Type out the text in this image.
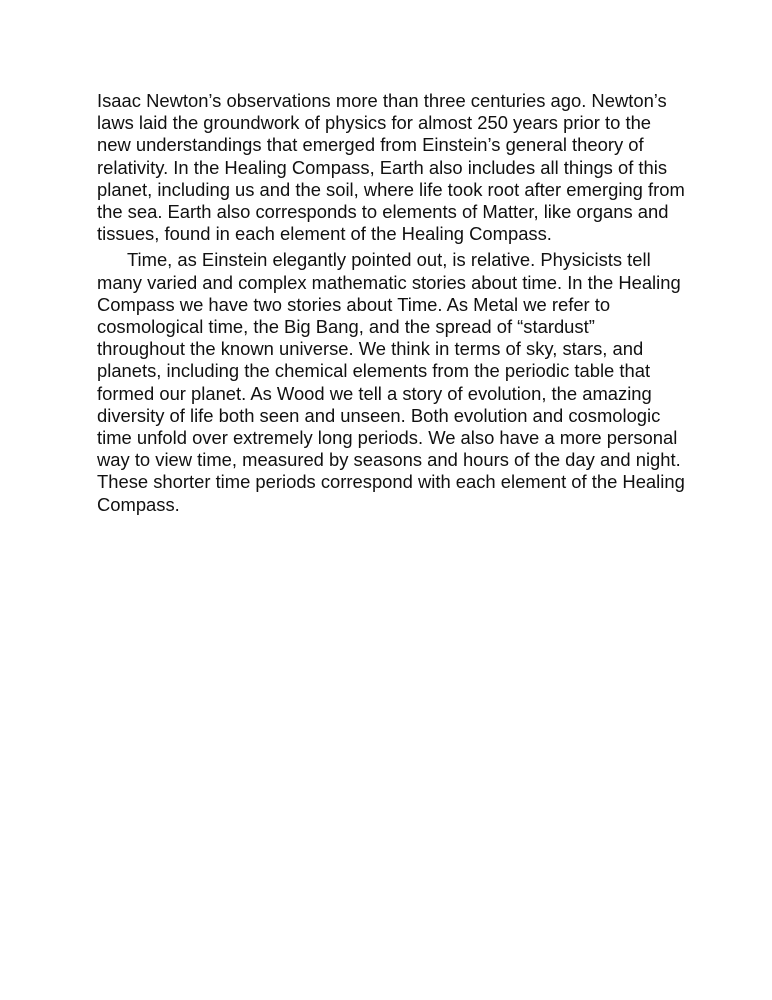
Isaac Newton’s observations more than three centuries ago. Newton’s laws laid the groundwork of physics for almost 250 years prior to the new understandings that emerged from Einstein’s general theory of relativity. In the Healing Compass, Earth also includes all things of this planet, including us and the soil, where life took root after emerging from the sea. Earth also corresponds to elements of Matter, like organs and tissues, found in each element of the Healing Compass.

Time, as Einstein elegantly pointed out, is relative. Physicists tell many varied and complex mathematic stories about time. In the Healing Compass we have two stories about Time. As Metal we refer to cosmological time, the Big Bang, and the spread of “stardust” throughout the known universe. We think in terms of sky, stars, and planets, including the chemical elements from the periodic table that formed our planet. As Wood we tell a story of evolution, the amazing diversity of life both seen and unseen. Both evolution and cosmologic time unfold over extremely long periods. We also have a more personal way to view time, measured by seasons and hours of the day and night. These shorter time periods correspond with each element of the Healing Compass.
